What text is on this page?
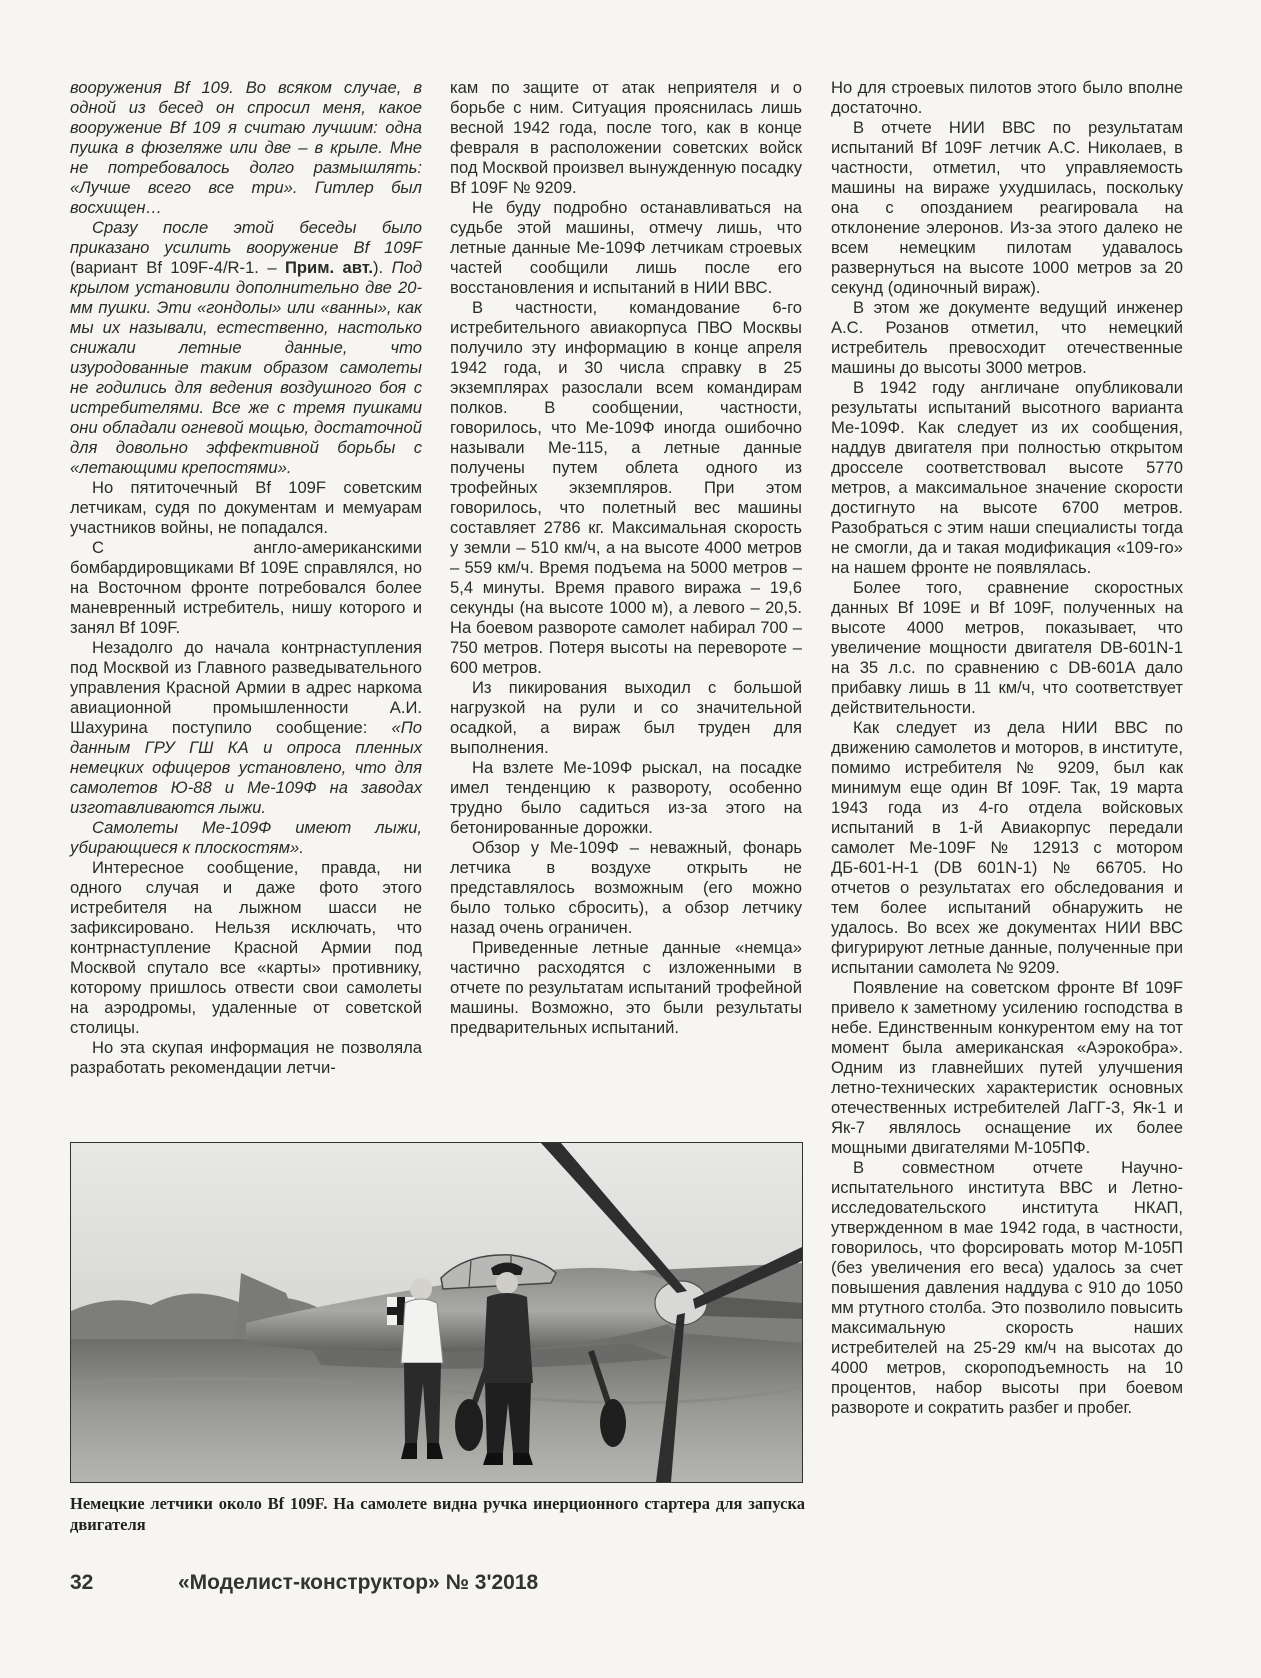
вооружения Bf 109. Во всяком случае, в одной из бесед он спросил меня, какое вооружение Bf 109 я считаю лучшим: одна пушка в фюзеляже или две – в крыле. Мне не потребовалось долго размышлять: «Лучше всего все три». Гитлер был восхищен…

Сразу после этой беседы было приказано усилить вооружение Bf 109F (вариант Bf 109F-4/R-1. – Прим. авт.). Под крылом установили дополнительно две 20-мм пушки. Эти «гондолы» или «ванны», как мы их называли, естественно, настолько снижали летные данные, что изуродованные таким образом самолеты не годились для ведения воздушного боя с истребителями. Все же с тремя пушками они обладали огневой мощью, достаточной для довольно эффективной борьбы с «летающими крепостями».

Но пятиточечный Bf 109F советским летчикам, судя по документам и мемуарам участников войны, не попадался.

С англо-американскими бомбардировщиками Bf 109E справлялся, но на Восточном фронте потребовался более маневренный истребитель, нишу которого и занял Bf 109F.

Незадолго до начала контрнаступления под Москвой из Главного разведывательного управления Красной Армии в адрес наркома авиационной промышленности А.И. Шахурина поступило сообщение: «По данным ГРУ ГШ КА и опроса пленных немецких офицеров установлено, что для самолетов Ю-88 и Ме-109Ф на заводах изготавливаются лыжи.

Самолеты Ме-109Ф имеют лыжи, убирающиеся к плоскостям».

Интересное сообщение, правда, ни одного случая и даже фото этого истребителя на лыжном шасси не зафиксировано. Нельзя исключать, что контрнаступление Красной Армии под Москвой спутало все «карты» противнику, которому пришлось отвести свои самолеты на аэродромы, удаленные от советской столицы.

Но эта скупая информация не позволяла разработать рекомендации летчи-

кам по защите от атак неприятеля и о борьбе с ним. Ситуация прояснилась лишь весной 1942 года, после того, как в конце февраля в расположении советских войск под Москвой произвел вынужденную посадку Bf 109F № 9209.

Не буду подробно останавливаться на судьбе этой машины, отмечу лишь, что летные данные Ме-109Ф летчикам строевых частей сообщили лишь после его восстановления и испытаний в НИИ ВВС.

В частности, командование 6-го истребительного авиакорпуса ПВО Москвы получило эту информацию в конце апреля 1942 года, и 30 числа справку в 25 экземплярах разослали всем командирам полков. В сообщении, частности, говорилось, что Ме-109Ф иногда ошибочно называли Ме-115, а летные данные получены путем облета одного из трофейных экземпляров. При этом говорилось, что полетный вес машины составляет 2786 кг. Максимальная скорость у земли – 510 км/ч, а на высоте 4000 метров – 559 км/ч. Время подъема на 5000 метров – 5,4 минуты. Время правого виража – 19,6 секунды (на высоте 1000 м), а левого – 20,5. На боевом развороте самолет набирал 700 – 750 метров. Потеря высоты на перевороте – 600 метров.

Из пикирования выходил с большой нагрузкой на рули и со значительной осадкой, а вираж был труден для выполнения.

На взлете Ме-109Ф рыскал, на посадке имел тенденцию к развороту, особенно трудно было садиться из-за этого на бетонированные дорожки.

Обзор у Ме-109Ф – неважный, фонарь летчика в воздухе открыть не представлялось возможным (его можно было только сбросить), а обзор летчику назад очень ограничен.

Приведенные летные данные «немца» частично расходятся с изложенными в отчете по результатам испытаний трофейной машины. Возможно, это были результаты предварительных испытаний.

Но для строевых пилотов этого было вполне достаточно.

В отчете НИИ ВВС по результатам испытаний Bf 109F летчик А.С. Николаев, в частности, отметил, что управляемость машины на вираже ухудшилась, поскольку она с опозданием реагировала на отклонение элеронов. Из-за этого далеко не всем немецким пилотам удавалось развернуться на высоте 1000 метров за 20 секунд (одиночный вираж).

В этом же документе ведущий инженер А.С. Розанов отметил, что немецкий истребитель превосходит отечественные машины до высоты 3000 метров.

В 1942 году англичане опубликовали результаты испытаний высотного варианта Ме-109Ф. Как следует из их сообщения, наддув двигателя при полностью открытом дросселе соответствовал высоте 5770 метров, а максимальное значение скорости достигнуто на высоте 6700 метров. Разобраться с этим наши специалисты тогда не смогли, да и такая модификация «109-го» на нашем фронте не появлялась.

Более того, сравнение скоростных данных Bf 109E и Bf 109F, полученных на высоте 4000 метров, показывает, что увеличение мощности двигателя DB-601N-1 на 35 л.с. по сравнению с DB-601A дало прибавку лишь в 11 км/ч, что соответствует действительности.

Как следует из дела НИИ ВВС по движению самолетов и моторов, в институте, помимо истребителя № 9209, был как минимум еще один Bf 109F. Так, 19 марта 1943 года из 4-го отдела войсковых испытаний в 1-й Авиакорпус передали самолет Ме-109F № 12913 с мотором ДБ-601-Н-1 (DB 601N-1) № 66705. Но отчетов о результатах его обследования и тем более испытаний обнаружить не удалось. Во всех же документах НИИ ВВС фигурируют летные данные, полученные при испытании самолета № 9209.

Появление на советском фронте Bf 109F привело к заметному усилению господства в небе. Единственным конкурентом ему на тот момент была американская «Аэрокобра». Одним из главнейших путей улучшения летно-технических характеристик основных отечественных истребителей ЛаГГ-3, Як-1 и Як-7 являлось оснащение их более мощными двигателями М-105ПФ.

В совместном отчете Научно-испытательного института ВВС и Летно-исследовательского института НКАП, утвержденном в мае 1942 года, в частности, говорилось, что форсировать мотор М-105П (без увеличения его веса) удалось за счет повышения давления наддува с 910 до 1050 мм ртутного столба. Это позволило повысить максимальную скорость наших истребителей на 25-29 км/ч на высотах до 4000 метров, скороподъемность на 10 процентов, набор высоты при боевом развороте и сократить разбег и пробег.

Немецкие летчики около Bf 109F. На самолете видна ручка инерционного стартера для запуска двигателя
32	«Моделист-конструктор» № 3'2018
